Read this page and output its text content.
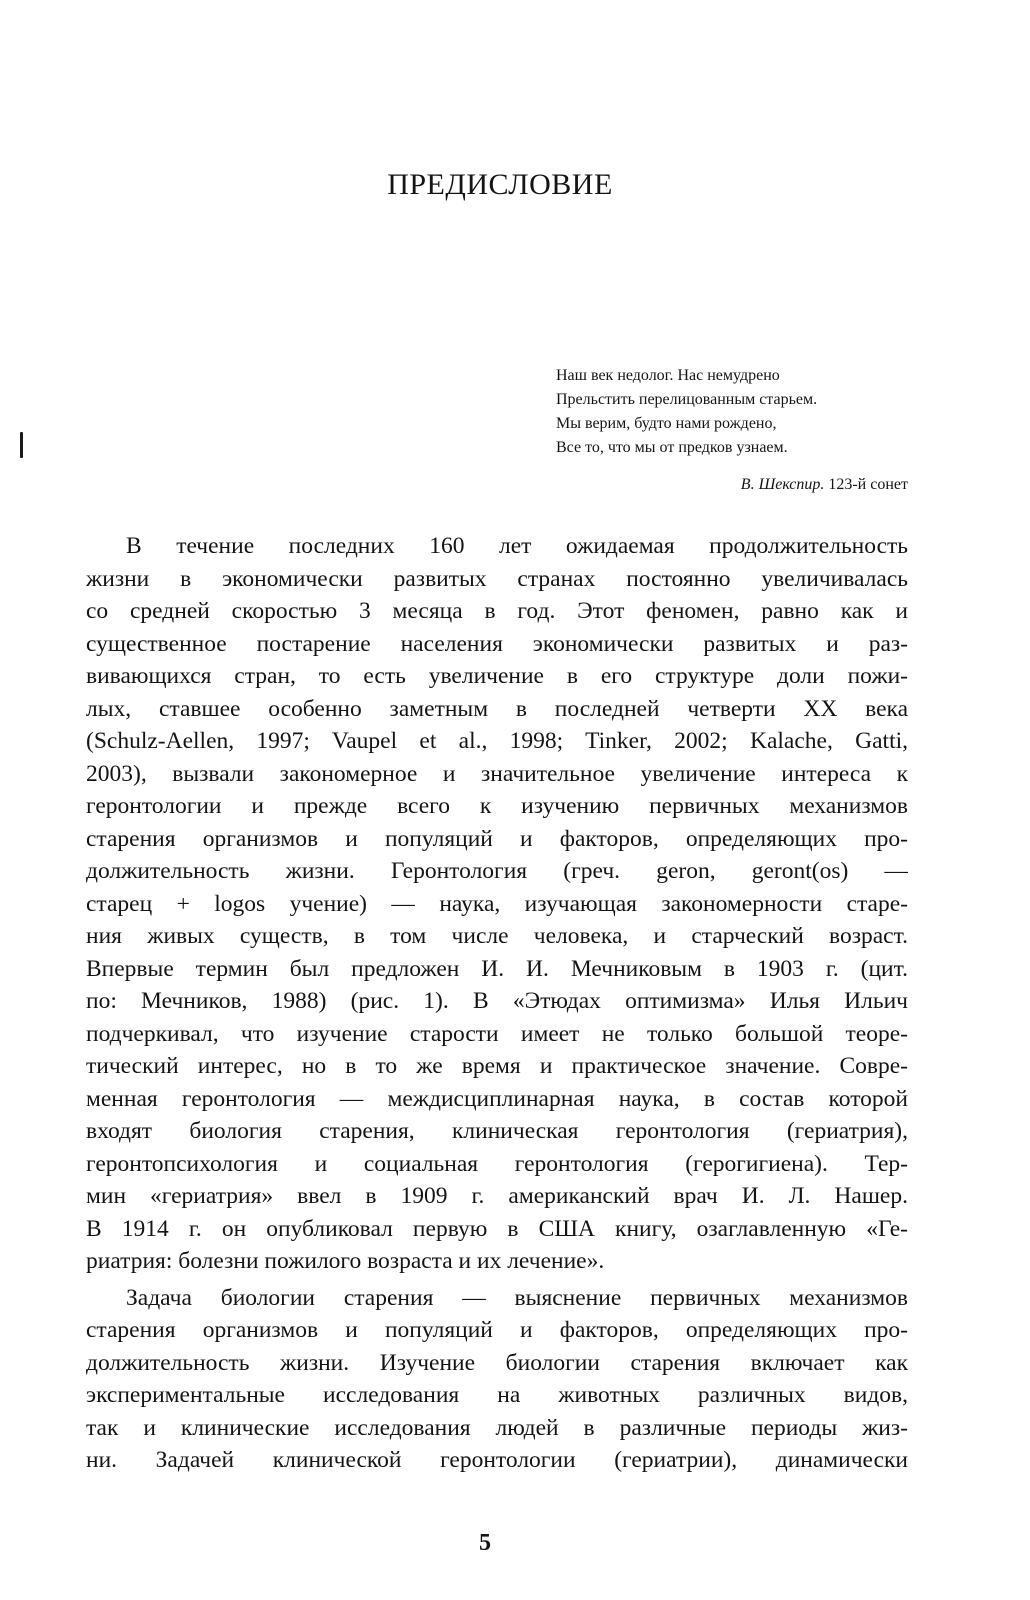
ПРЕДИСЛОВИЕ
Наш век недолог. Нас немудрено
Прельстить перелицованным старьем.
Мы верим, будто нами рождено,
Все то, что мы от предков узнаем.
В. Шекспир. 123-й сонет

В течение последних 160 лет ожидаемая продолжительность
жизни в экономически развитых странах постоянно увеличивалась
со средней скоростью 3 месяца в год. Этот феномен, равно как и
существенное постарение населения экономически развитых и раз-
вивающихся стран, то есть увеличение в его структуре доли пожи-
лых, ставшее особенно заметным в последней четверти XX века
(Schulz-Aellen, 1997; Vaupel et al., 1998; Tinker, 2002; Kalache, Gatti,
2003), вызвали закономерное и значительное увеличение интереса к
геронтологии и прежде всего к изучению первичных механизмов
старения организмов и популяций и факторов, определяющих про-
должительность жизни. Геронтология (греч. geron, geront(os) —
старец + logos учение) — наука, изучающая закономерности старе-
ния живых существ, в том числе человека, и старческий возраст.
Впервые термин был предложен И. И. Мечниковым в 1903 г. (цит.
по: Мечников, 1988) (рис. 1). В «Этюдах оптимизма» Илья Ильич
подчеркивал, что изучение старости имеет не только большой теоре-
тический интерес, но в то же время и практическое значение. Совре-
менная геронтология — междисциплинарная наука, в состав которой
входят биология старения, клиническая геронтология (гериатрия),
геронтопсихология и социальная геронтология (герогигиена). Тер-
мин «гериатрия» ввел в 1909 г. американский врач И. Л. Нашер.
В 1914 г. он опубликовал первую в США книгу, озаглавленную «Ге-
риатрия: болезни пожилого возраста и их лечение».

Задача биологии старения — выяснение первичных механизмов
старения организмов и популяций и факторов, определяющих про-
должительность жизни. Изучение биологии старения включает как
экспериментальные исследования на животных различных видов,
так и клинические исследования людей в различные периоды жиз-
ни. Задачей клинической геронтологии (гериатрии), динамически

5
